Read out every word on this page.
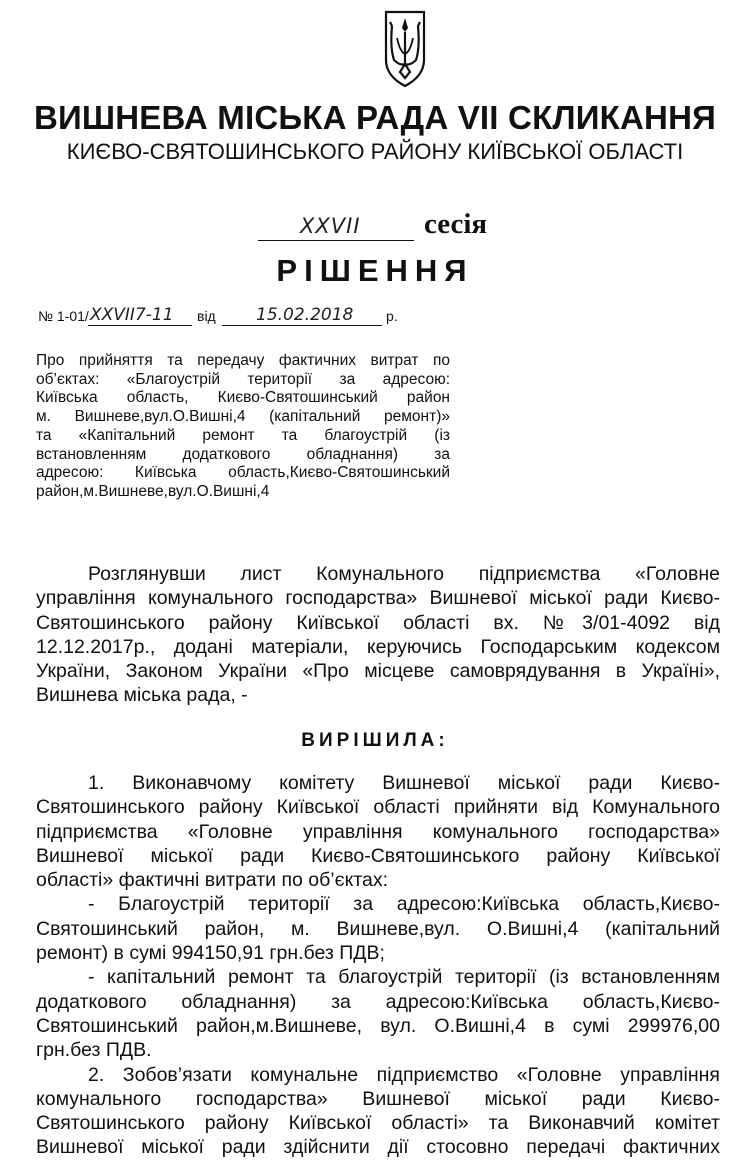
ВИШНЕВА МІСЬКА РАДА VII СКЛИКАННЯ
КИЄВО-СВЯТОШИНСЬКОГО РАЙОНУ КИЇВСЬКОЇ ОБЛАСТІ
XXVII сесія
РІШЕННЯ
№ 1-01/ XXVII7-11 від 15.02.2018 р.
Про прийняття та передачу фактичних витрат по
об’єктах: «Благоустрій території за адресою:
Київська область, Києво-Святошинський район
м. Вишневе,вул.О.Вишні,4 (капітальний ремонт)»
та «Капітальний ремонт та благоустрій (із
встановленням додаткового обладнання) за
адресою: Київська область,Києво-Святошинський
район,м.Вишневе,вул.О.Вишні,4
Розглянувши лист Комунального підприємства «Головне
управління комунального господарства» Вишневої міської ради Києво-
Святошинського району Київської області вх. №3/01-4092 від
12.12.2017р., додані матеріали, керуючись Господарським кодексом
України, Законом України «Про місцеве самоврядування в Україні»,
Вишнева міська рада, -
ВИРІШИЛА:
1. Виконавчому комітету Вишневої міської ради Києво-
Святошинського району Київської області прийняти від Комунального
підприємства «Головне управління комунального господарства»
Вишневої міської ради Києво-Святошинського району Київської
області» фактичні витрати по об’єктах:
- Благоустрій території за адресою:Київська область,Києво-
Святошинський район, м. Вишневе,вул. О.Вишні,4 (капітальний
ремонт) в сумі 994150,91 грн.без ПДВ;
- капітальний ремонт та благоустрій території (із встановленням
додаткового обладнання) за адресою:Київська область,Києво-
Святошинський район,м.Вишневе, вул. О.Вишні,4 в сумі 299976,00
грн.без ПДВ.
2. Зобов’язати комунальне підприємство «Головне управління
комунального господарства» Вишневої міської ради Києво-
Святошинського району Київської області» та Виконавчий комітет
Вишневої міської ради здійснити дії стосовно передачі фактичних
